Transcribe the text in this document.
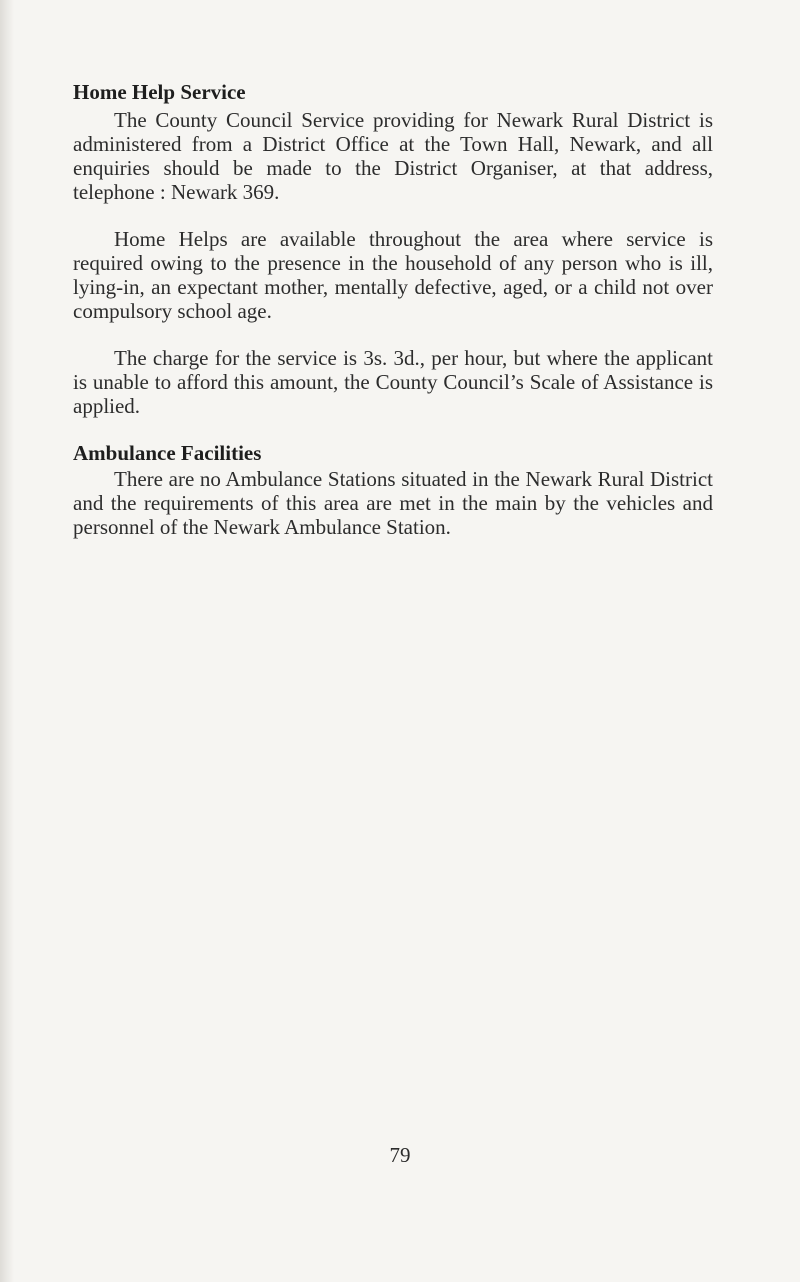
Home Help Service

The County Council Service providing for Newark Rural District is administered from a District Office at the Town Hall, Newark, and all enquiries should be made to the District Organiser, at that address, telephone : Newark 369.

Home Helps are available throughout the area where service is required owing to the presence in the household of any person who is ill, lying-in, an expectant mother, mentally defective, aged, or a child not over compulsory school age.

The charge for the service is 3s. 3d., per hour, but where the applicant is unable to afford this amount, the County Council’s Scale of Assistance is applied.

Ambulance Facilities

There are no Ambulance Stations situated in the Newark Rural District and the requirements of this area are met in the main by the vehicles and personnel of the Newark Ambulance Station.

79
